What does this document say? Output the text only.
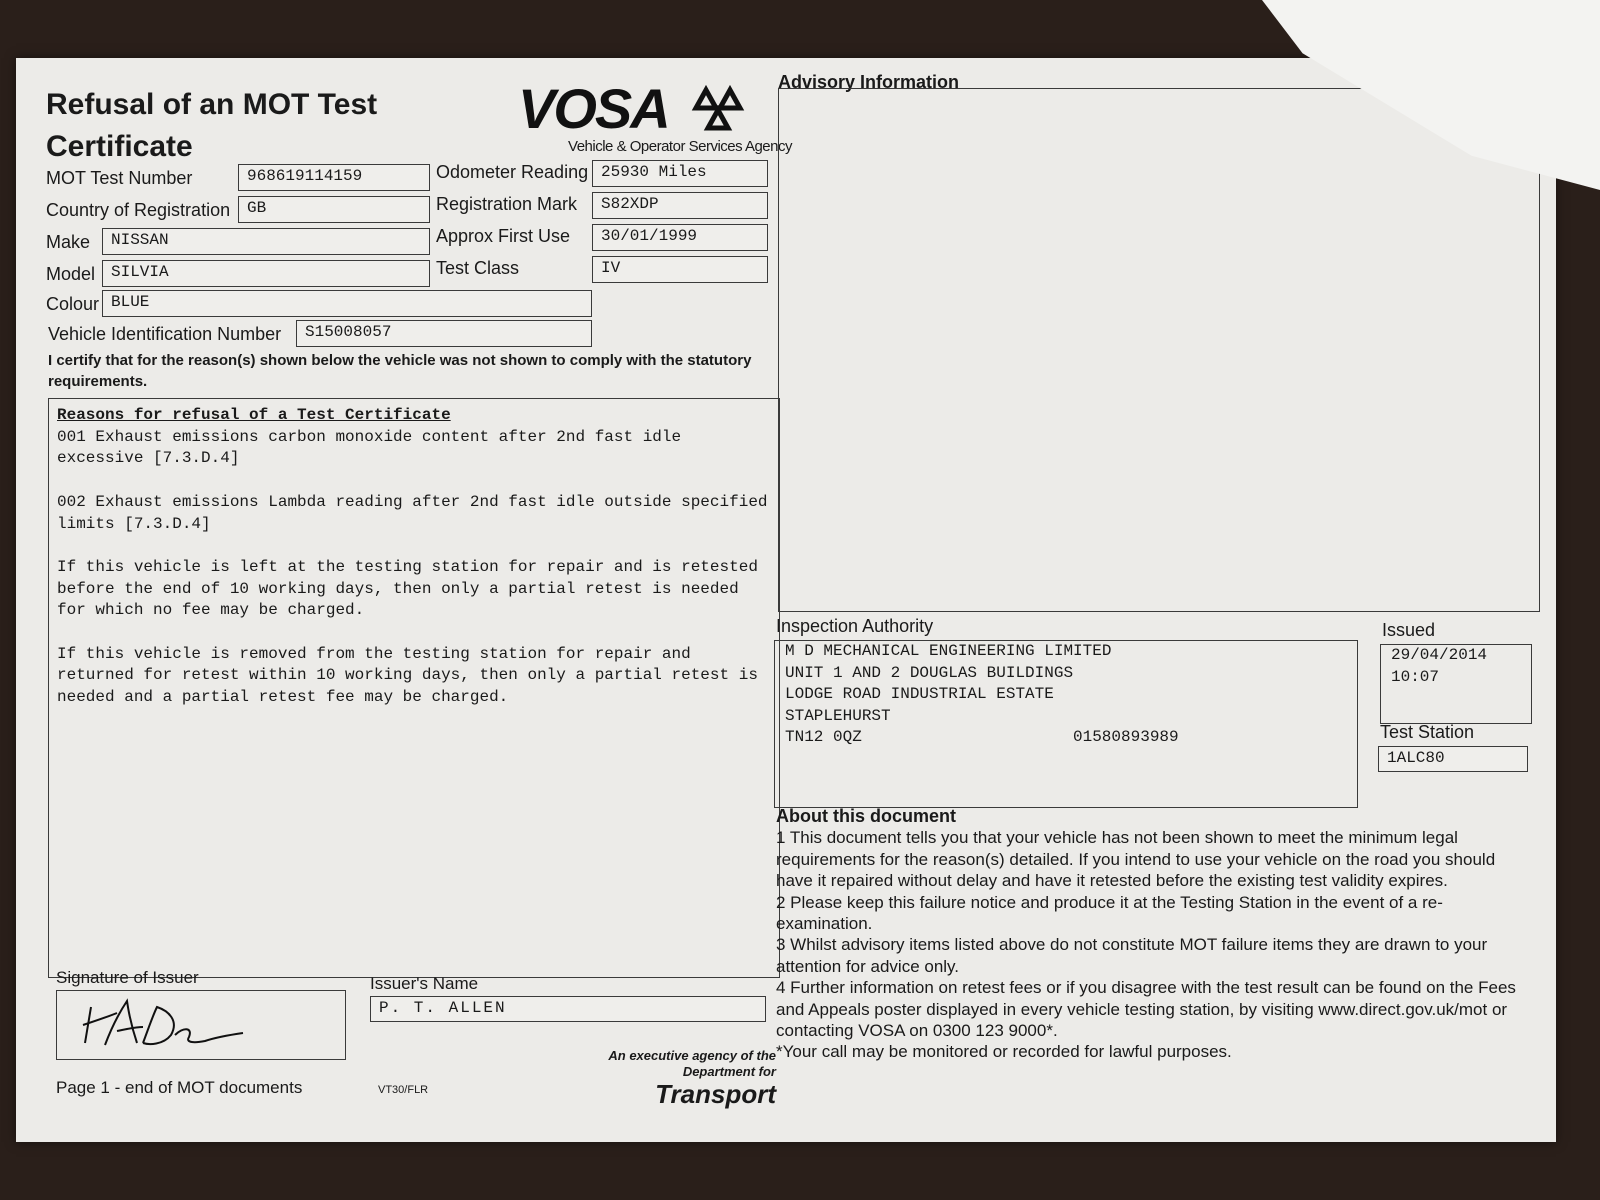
Refusal of an MOT Test
Certificate
VOSA
Vehicle & Operator Services Agency
MOT Test Number	968619114159
Country of Registration	GB
Make	NISSAN
Model SILVIA
Colour BLUE
Vehicle Identification Number	S15008057
Odometer Reading 25930 Miles
Registration Mark	S82XDP
Approx First Use	30/01/1999
Test Class	IV
I certify that for the reason(s) shown below the vehicle was not shown to comply with the statutory requirements.
Reasons for refusal of a Test Certificate

001 Exhaust emissions carbon monoxide content after 2nd fast idle excessive [7.3.D.4]

002 Exhaust emissions Lambda reading after 2nd fast idle outside specified limits [7.3.D.4]

If this vehicle is left at the testing station for repair and is retested before the end of 10 working days, then only a partial retest is needed for which no fee may be charged.

If this vehicle is removed from the testing station for repair and returned for retest within 10 working days, then only a partial retest is needed and a partial retest fee may be charged.

Signature of Issuer	Issuer's Name
P. T. ALLEN
Page 1 - end of MOT documents	VT30/FLR
An executive agency of the
Department for
Transport
Advisory Information
Inspection Authority
M D MECHANICAL ENGINEERING LIMITED
UNIT 1 AND 2 DOUGLAS BUILDINGS
LODGE ROAD INDUSTRIAL ESTATE
STAPLEHURST
TN12 0QZ	01580893989
Issued
29/04/2014
10:07
Test Station
1ALC80
About this document
1 This document tells you that your vehicle has not been shown to meet the minimum legal requirements for the reason(s) detailed. If you intend to use your vehicle on the road you should have it repaired without delay and have it retested before the existing test validity expires.
2 Please keep this failure notice and produce it at the Testing Station in the event of a re-examination.
3 Whilst advisory items listed above do not constitute MOT failure items they are drawn to your attention for advice only.
4 Further information on retest fees or if you disagree with the test result can be found on the Fees and Appeals poster displayed in every vehicle testing station, by visiting www.direct.gov.uk/mot or contacting VOSA on 0300 123 9000*.
*Your call may be monitored or recorded for lawful purposes.
